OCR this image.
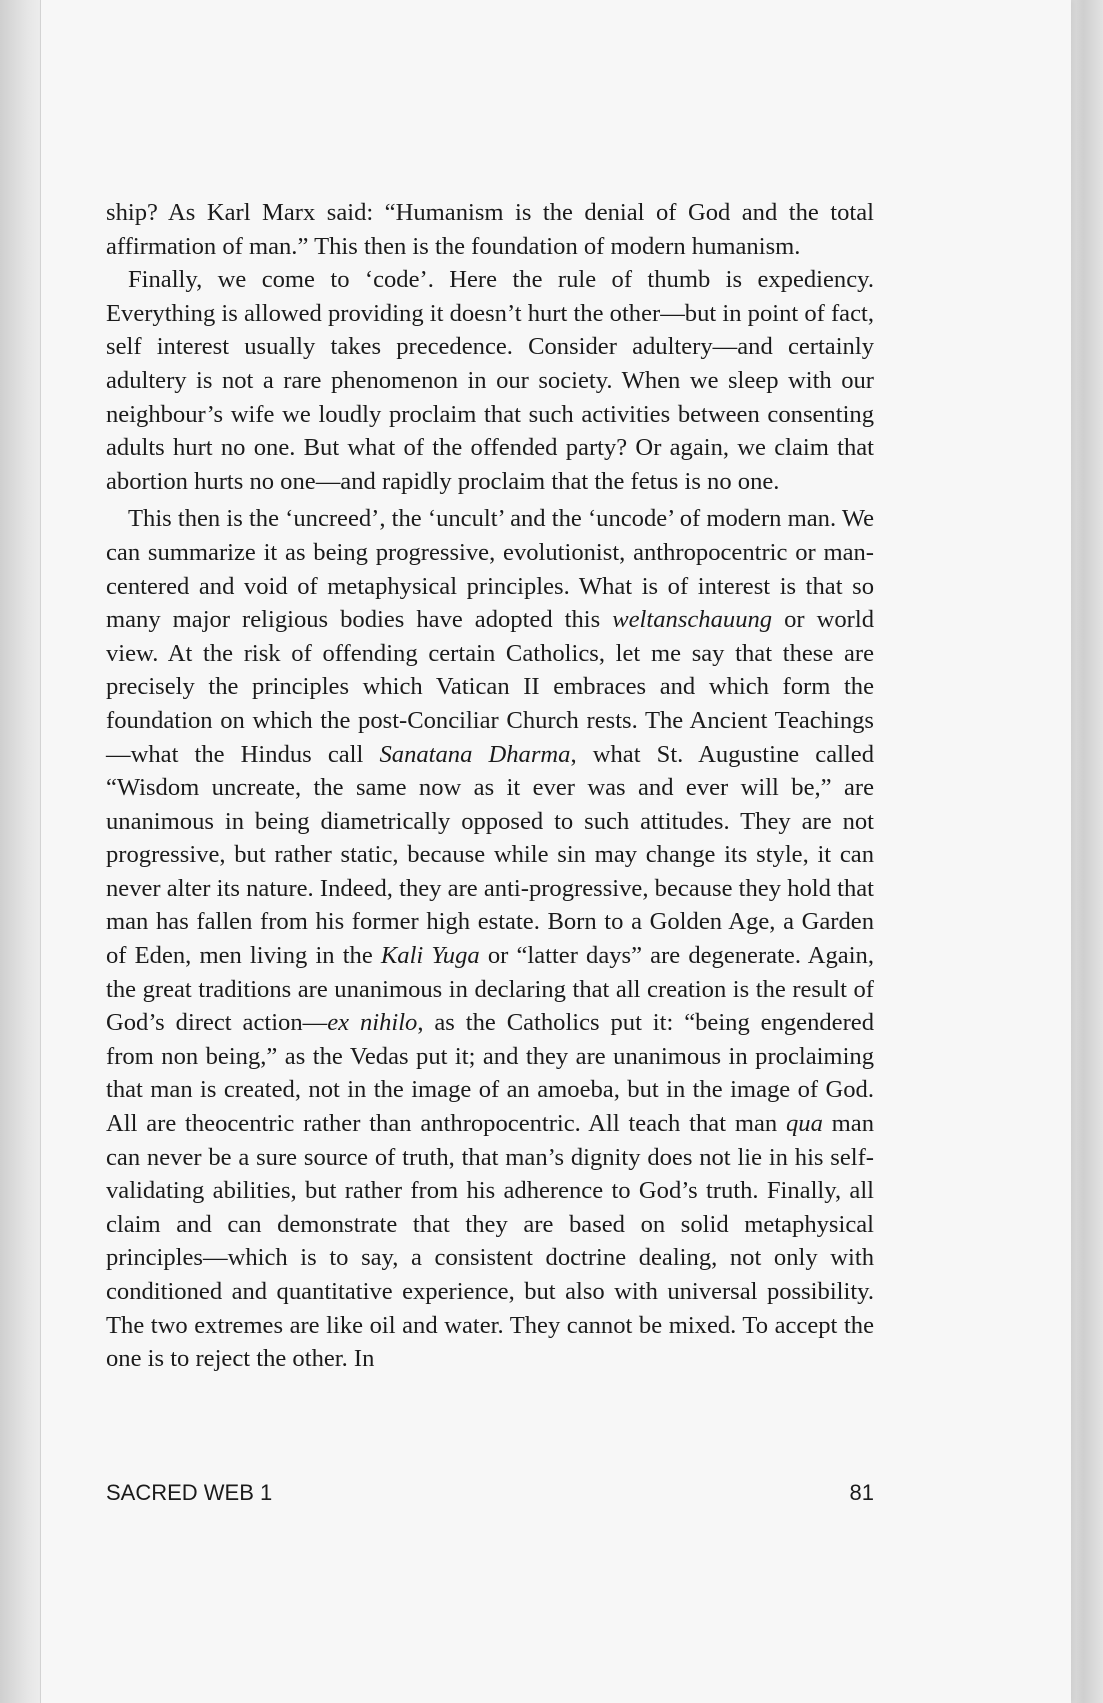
ship? As Karl Marx said: “Humanism is the denial of God and the total affirmation of man.” This then is the foundation of modern humanism.

Finally, we come to ‘code’. Here the rule of thumb is expediency. Everything is allowed providing it doesn’t hurt the other—but in point of fact, self interest usually takes precedence. Consider adultery—and certainly adultery is not a rare phenomenon in our society. When we sleep with our neighbour’s wife we loudly proclaim that such activities between consenting adults hurt no one. But what of the offended party? Or again, we claim that abortion hurts no one—and rapidly proclaim that the fetus is no one.

This then is the ‘uncreed’, the ‘uncult’ and the ‘uncode’ of modern man. We can summarize it as being progressive, evolutionist, anthropocentric or man-centered and void of metaphysical principles. What is of interest is that so many major religious bodies have adopted this weltanschauung or world view. At the risk of offending certain Catholics, let me say that these are precisely the principles which Vatican II embraces and which form the foundation on which the post-Conciliar Church rests. The Ancient Teachings—what the Hindus call Sanatana Dharma, what St. Augustine called “Wisdom uncreate, the same now as it ever was and ever will be,” are unanimous in being diametrically opposed to such attitudes. They are not progressive, but rather static, because while sin may change its style, it can never alter its nature. Indeed, they are anti-progressive, because they hold that man has fallen from his former high estate. Born to a Golden Age, a Garden of Eden, men living in the Kali Yuga or “latter days” are degenerate. Again, the great traditions are unanimous in declaring that all creation is the result of God’s direct action—ex nihilo, as the Catholics put it: “being engendered from non being,” as the Vedas put it; and they are unanimous in proclaiming that man is created, not in the image of an amoeba, but in the image of God. All are theocentric rather than anthropocentric. All teach that man qua man can never be a sure source of truth, that man’s dignity does not lie in his self-validating abilities, but rather from his adherence to God’s truth. Finally, all claim and can demonstrate that they are based on solid metaphysical principles—which is to say, a consistent doctrine dealing, not only with conditioned and quantitative experience, but also with universal possibility. The two extremes are like oil and water. They cannot be mixed. To accept the one is to reject the other. In

SACRED WEB 1	81
